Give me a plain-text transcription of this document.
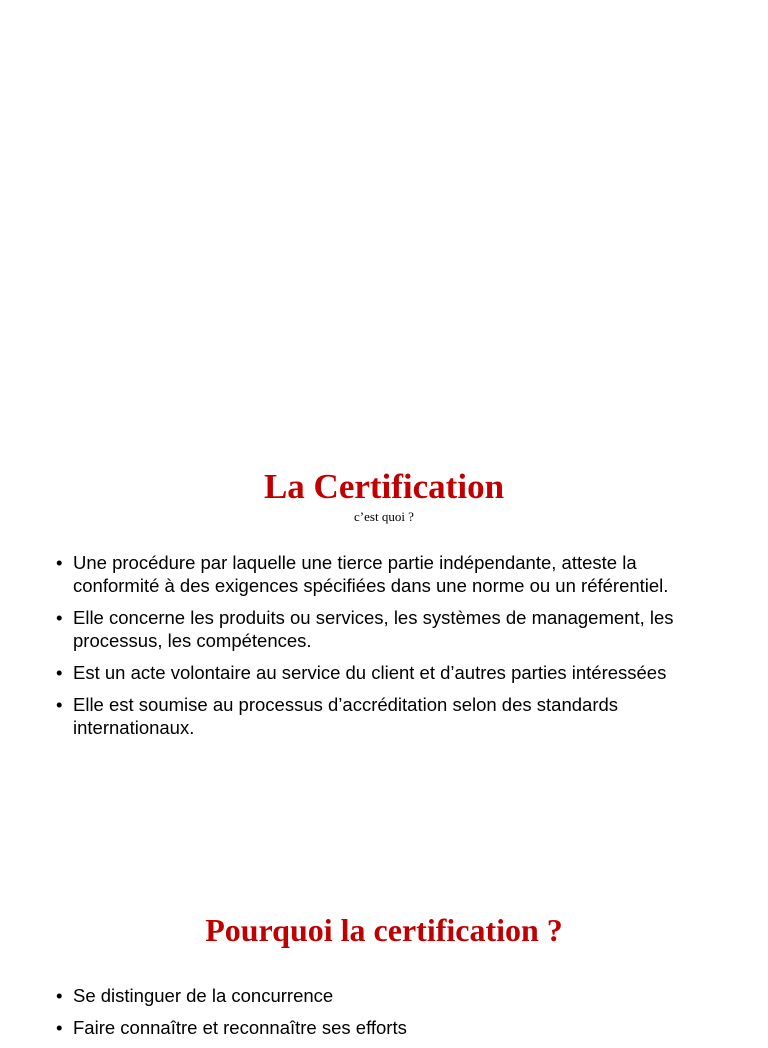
La Certification

c’est quoi ?

• Une procédure par laquelle une tierce partie indépendante, atteste la conformité à des exigences spécifiées dans une norme ou un référentiel.
• Elle concerne les produits ou services, les systèmes de management, les processus, les compétences.
• Est un acte volontaire au service du client et d’autres parties intéressées
• Elle est soumise au processus d’accréditation selon des standards internationaux.
Pourquoi la certification ?
• Se distinguer de la concurrence
• Faire connaître et reconnaître ses efforts
